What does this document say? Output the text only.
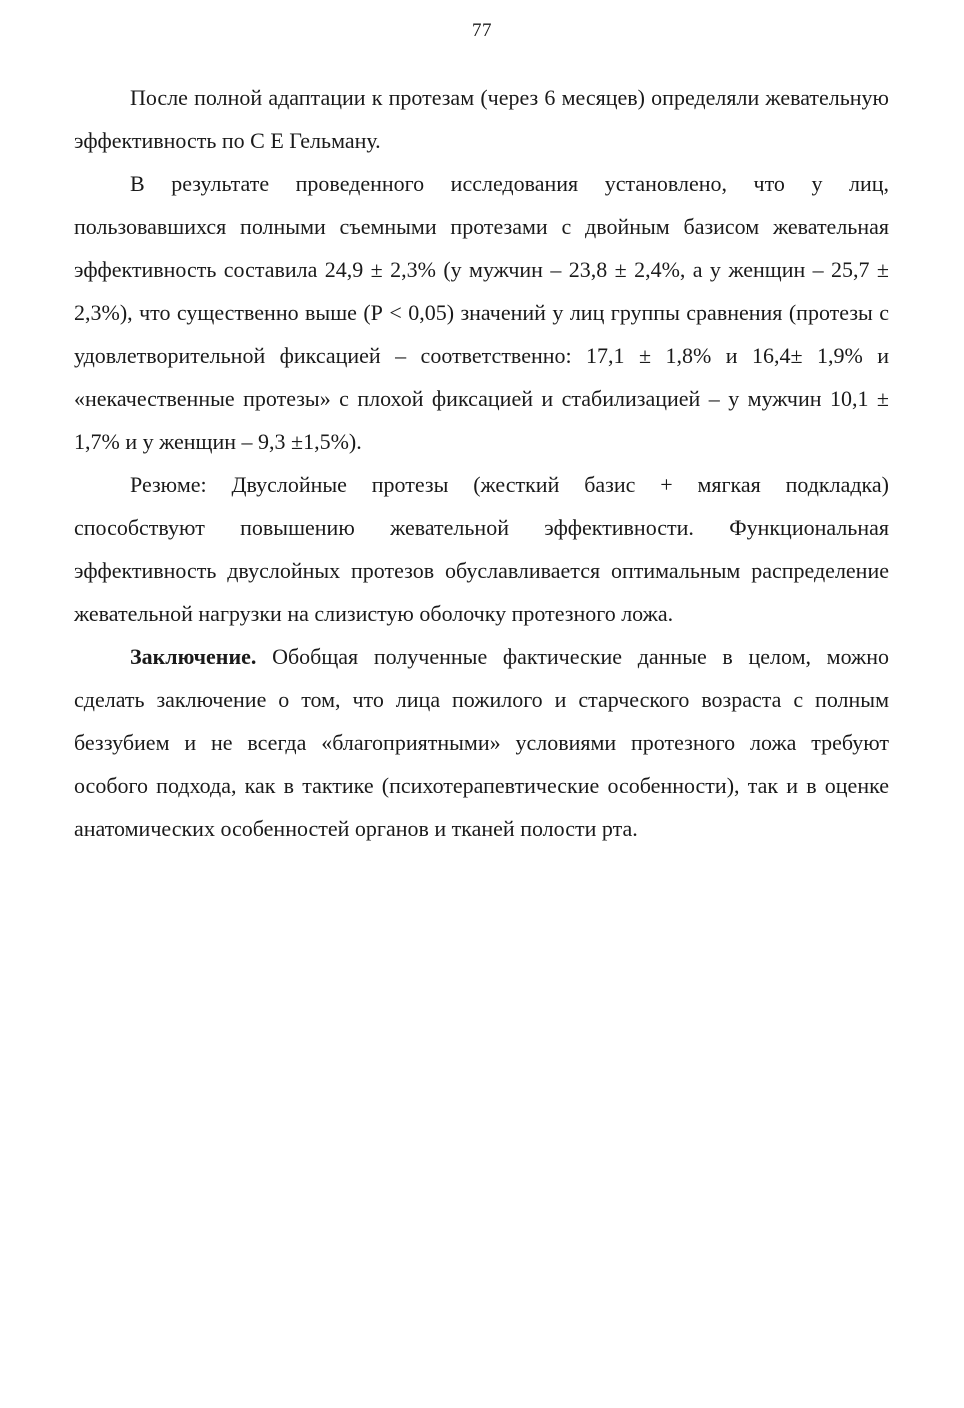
77

После полной адаптации к протезам (через 6 месяцев) определяли жевательную эффективность по С Е Гельману.

В результате проведенного исследования установлено, что у лиц, пользовавшихся полными съемными протезами с двойным базисом жевательная эффективность составила 24,9 ± 2,3% (у мужчин – 23,8 ± 2,4%, а у женщин – 25,7 ± 2,3%), что существенно выше (Р < 0,05) значений у лиц группы сравнения (протезы с удовлетворительной фиксацией – соответственно: 17,1 ± 1,8% и 16,4± 1,9% и «некачественные протезы» с плохой фиксацией и стабилизацией – у мужчин 10,1 ± 1,7% и у женщин – 9,3 ±1,5%).

Резюме: Двуслойные протезы (жесткий базис + мягкая подкладка) способствуют повышению жевательной эффективности. Функциональная эффективность двуслойных протезов обуславливается оптимальным распределение жевательной нагрузки на слизистую оболочку протезного ложа.

Заключение. Обобщая полученные фактические данные в целом, можно сделать заключение о том, что лица пожилого и старческого возраста с полным беззубием и не всегда «благоприятными» условиями протезного ложа требуют особого подхода, как в тактике (психотерапевтические особенности), так и в оценке анатомических особенностей органов и тканей полости рта.
